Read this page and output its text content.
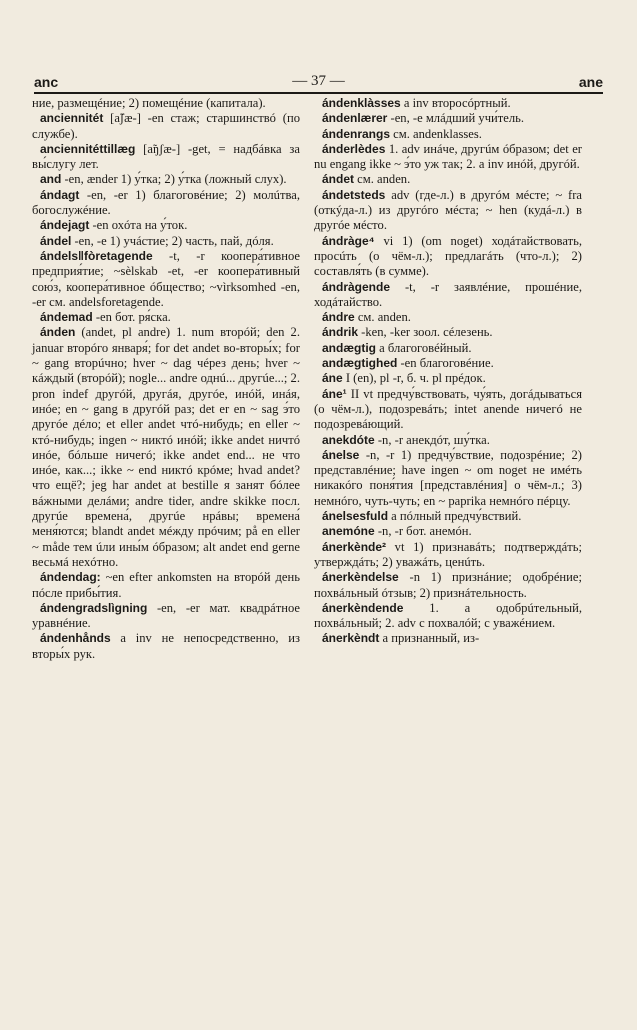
anc	— 37 —	ane

ние, размещéние; 2) помещéние (капитала).

anciennitét [а̃ʃæ-] -en стаж; старшинствó (по службе).

anciennitéttillæg [а̃ŋʃæ-] -get, = надбáвка за вы́слугу лет.

and -en, ænder 1) у́тка; 2) у́тка (ложный слух).

ándagt -en, -er 1) благоговéние; 2) молúтва, богослужéние.

ándejagt -en охóта на у́ток.

ándel -en, -e 1) учáстие; 2) часть, пай, дóля.

ándels‖fòretagende -t, -r коопера́тивное предприя́тие; ~sèlskab -et, -er коопера́тивный сою́з, коопера́тивное óбщество; ~vìrksomhed -en, -er см. andelsforetagende.

ándemad -en бот. ря́ска.

ánden (andet, pl andre) 1. num вторóй; den 2. januar вторóго января́; for det andet во-вторы́х; for ~ gang вторúчно; hver ~ dag чéрез день; hver ~ кáждый (вторóй); nogle... andre однú... другúе...; 2. pron indef другóй, другáя, другóе, инóй, инáя, инóе; en ~ gang в другóй раз; det er en ~ sag э́то другóе дéло; et eller andet чтó-нибудь; en eller ~ ктó-нибудь; ingen ~ никтó инóй; ikke andet ничтó инóе, бóльше ничегó; ikke andet end... не что инóе, как...; ikke ~ end никтó крóме; hvad andet? что ещё?; jeg har andet at bestille я занят бóлее вáжными делáми; andre tider, andre skikke посл. другúе времена́, другúе нрáвы; времена́ меня́ются; blandt andet мéжду прóчим; på en eller ~ måde тем úли ины́м óбразом; alt andet end gerne весьмá нехóтно.

ándendag: ~en efter ankomsten на вторóй день пóсле прибы́тия.

ándengradslìgning -en, -er мат. квадрáтное уравнéние.

ándenhånds a inv не непосредственно, из вторы́х рук.

ándenklàsses a inv второсóртный.

ándenlærer -en, -e млáдший учи́тель.

ándenrangs см. andenklasses.

ánderlèdes 1. adv инáче, другúм óбразом; det er nu engang ikke ~ э́то уж так; 2. a inv инóй, другóй.

ándet см. anden.

ándetsteds adv (где-л.) в другóм мéсте; ~ fra (откýда-л.) из другóго мéста; ~ hen (кудá-л.) в другóе мéсто.

ándràge⁴ vi 1) (om noget) ходáтайствовать, просúть (о чём-л.); предлагáть (что-л.); 2) составля́ть (в сумме).

ándràgende -t, -r заявлéние, прошéние, ходáтайство.

ándre см. anden.

ándrik -ken, -ker зоол. сéлезень.

andægtig a благоговéйный.

andægtighed -en благоговéние.

áne I (en), pl -r, б. ч. pl прéдок.

áne¹ II vt предчу́вствовать, чу́ять, догáдываться (о чём-л.), подозревáть; intet anende ничегó не подозревáющий.

anekdóte -n, -r анекдóт, шу́тка.

ánelse -n, -r 1) предчу́вствие, подозрéние; 2) представлéние; have ingen ~ om noget не имéть никакóго поня́тия [представлéния] о чём-л.; 3) немнóго, чуть-чуть; en ~ paprika немнóго пéрцу.

ánelsesfuld a пóлный предчу́вствий.

anemóne -n, -r бот. анемóн.

ánerkènde² vt 1) признавáть; подтверждáть; утверждáть; 2) уважáть, ценúть.

ánerkèndelse -n 1) признáние; одобрéние; похвáльный óтзыв; 2) признáтельность.

ánerkèndende 1. a одобрúтельный, похвáльный; 2. adv с похвалóй; с уважéнием.

ánerkèndt a признанный, из-
